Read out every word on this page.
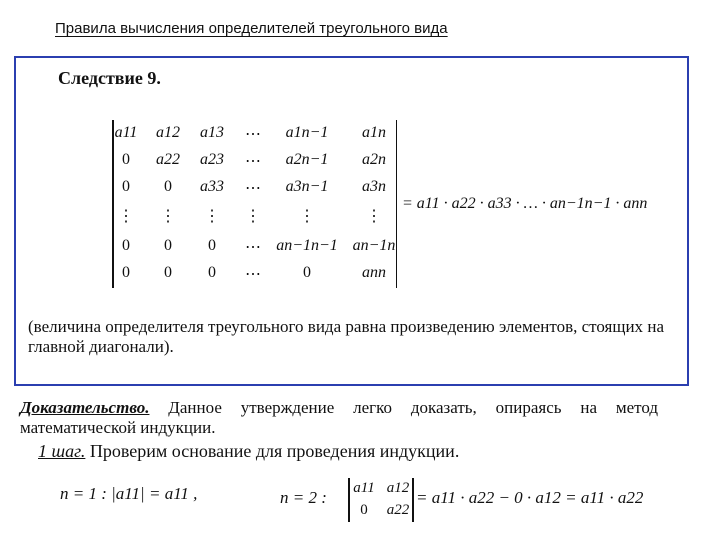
Правила вычисления определителей треугольного вида
Следствие 9.
a11 a12 a13 ⋯ a1n−1 a1n
0 a22 a23 ⋯ a2n−1 a2n
0 0 a33 ⋯ a3n−1 a3n
⋮ ⋮ ⋮ ⋮ ⋮	⋮
0 0 0 ⋯ an−1n−1 an−1n
0 0 0 ⋯	0	ann
= a11 · a22 · a33 · … · an−1n−1 · ann
(величина определителя треугольного вида равна произведению элементов, стоящих на главной диагонали).
Доказательство. Данное утверждение легко доказать, опираясь на метод математической индукции.
1 шаг. Проверим основание для проведения индукции.
n = 1 : |a11| = a11 ,	n = 2 :	= a11 · a22 − 0 · a12 = a11 · a22
a11 a12
0 a22
